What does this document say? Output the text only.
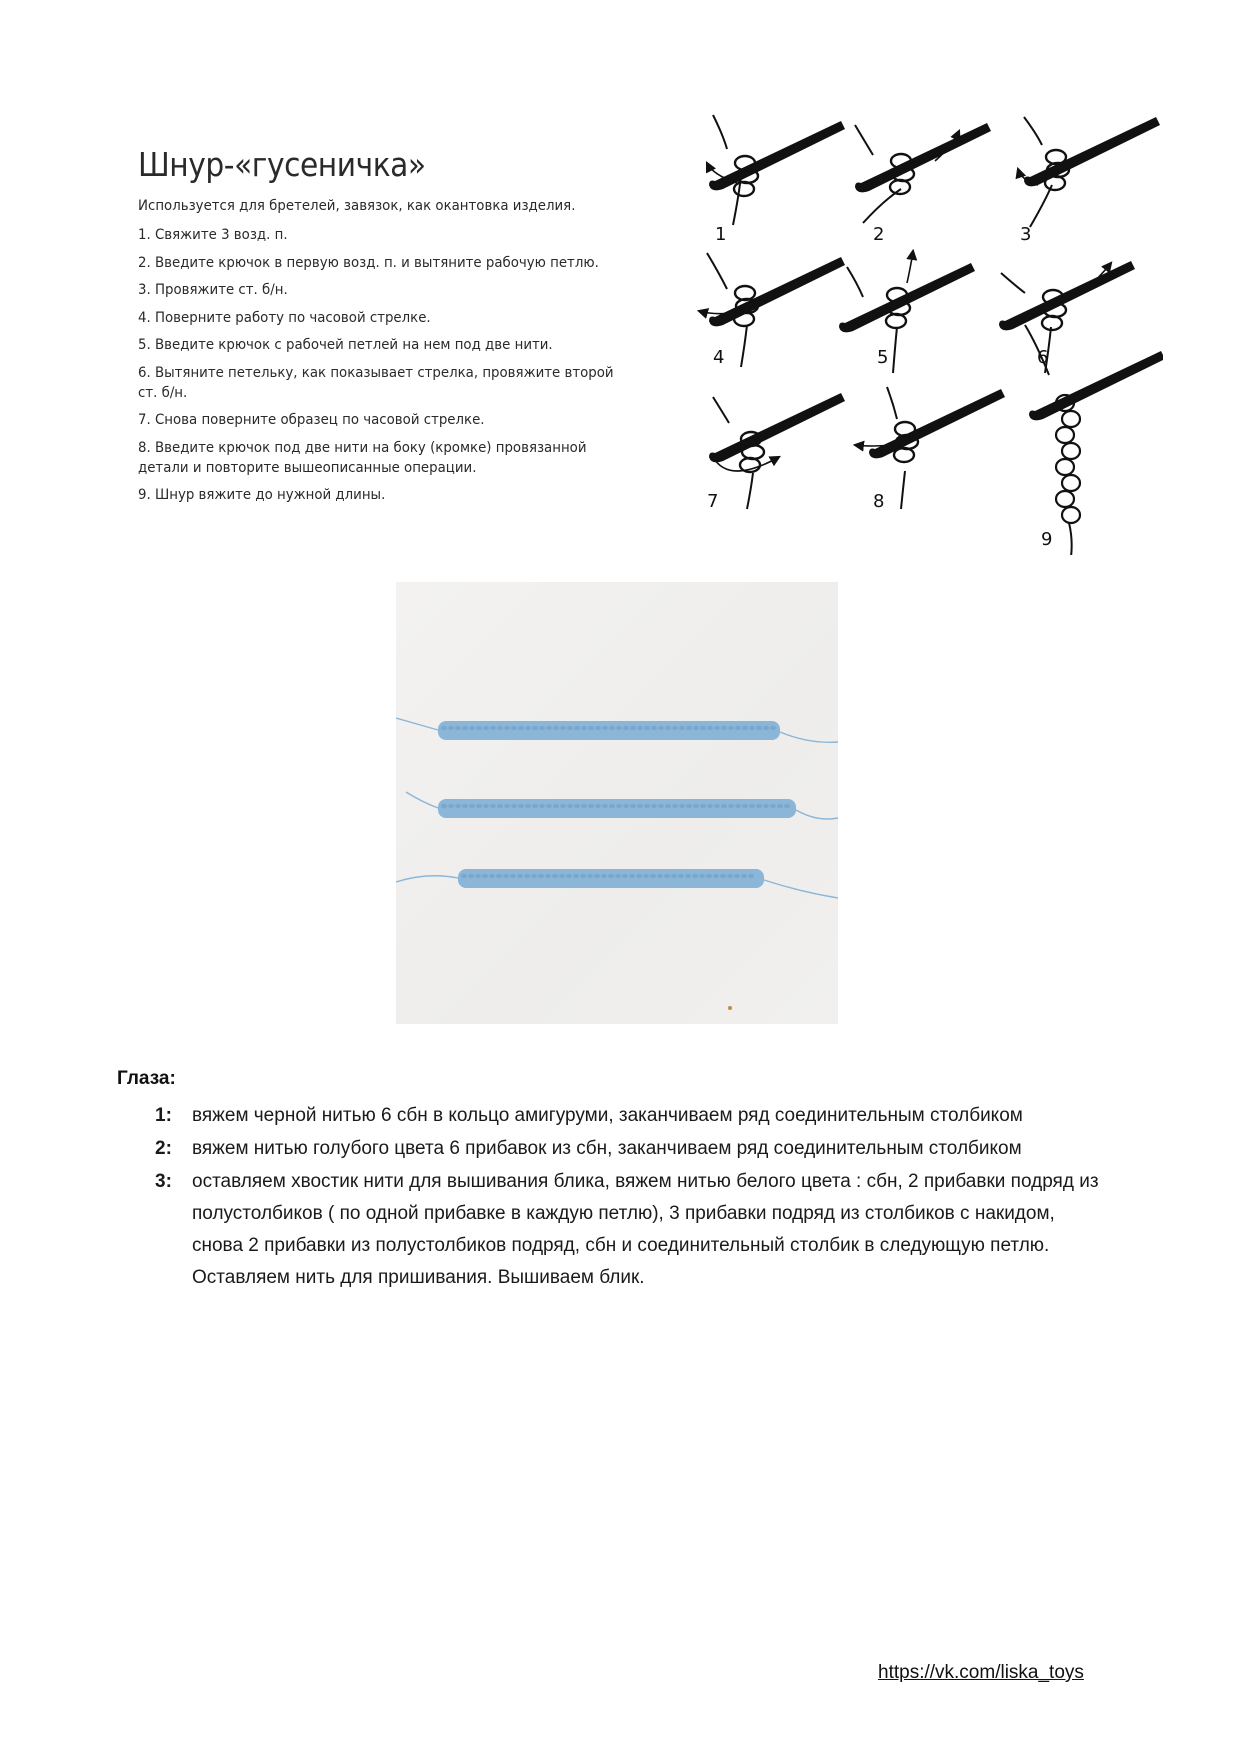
Шнур-«гусеничка»
Используется для бретелей, завязок, как окантовка изделия.
1. Свяжите 3 возд. п.
2. Введите крючок в первую возд. п. и вытяните рабочую петлю.
3. Провяжите ст. б/н.
4. Поверните работу по часовой стрелке.
5. Введите крючок с рабочей петлей на нем под две нити.
6. Вытяните петельку, как показывает стрелка, провяжите второй ст. б/н.
7. Снова поверните образец по часовой стрелке.
8. Введите крючок под две нити на боку (кромке) провязанной детали и повторите вышеописанные операции.
9. Шнур вяжите до нужной длины.
1	2	3
4	5	6
7	8
9
Глаза:
1: вяжем черной нитью 6 сбн в кольцо амигуруми, заканчиваем ряд соединительным столбиком
2: вяжем нитью голубого цвета 6 прибавок из сбн, заканчиваем ряд соединительным столбиком
3: оставляем хвостик нити для вышивания блика, вяжем нитью белого цвета : сбн, 2 прибавки подряд из полустолбиков ( по одной прибавке в каждую петлю), 3 прибавки подряд из столбиков с накидом, снова 2 прибавки из полустолбиков подряд, сбн и соединительный столбик в следующую петлю. Оставляем нить для пришивания. Вышиваем блик.
https://vk.com/liska_toys
